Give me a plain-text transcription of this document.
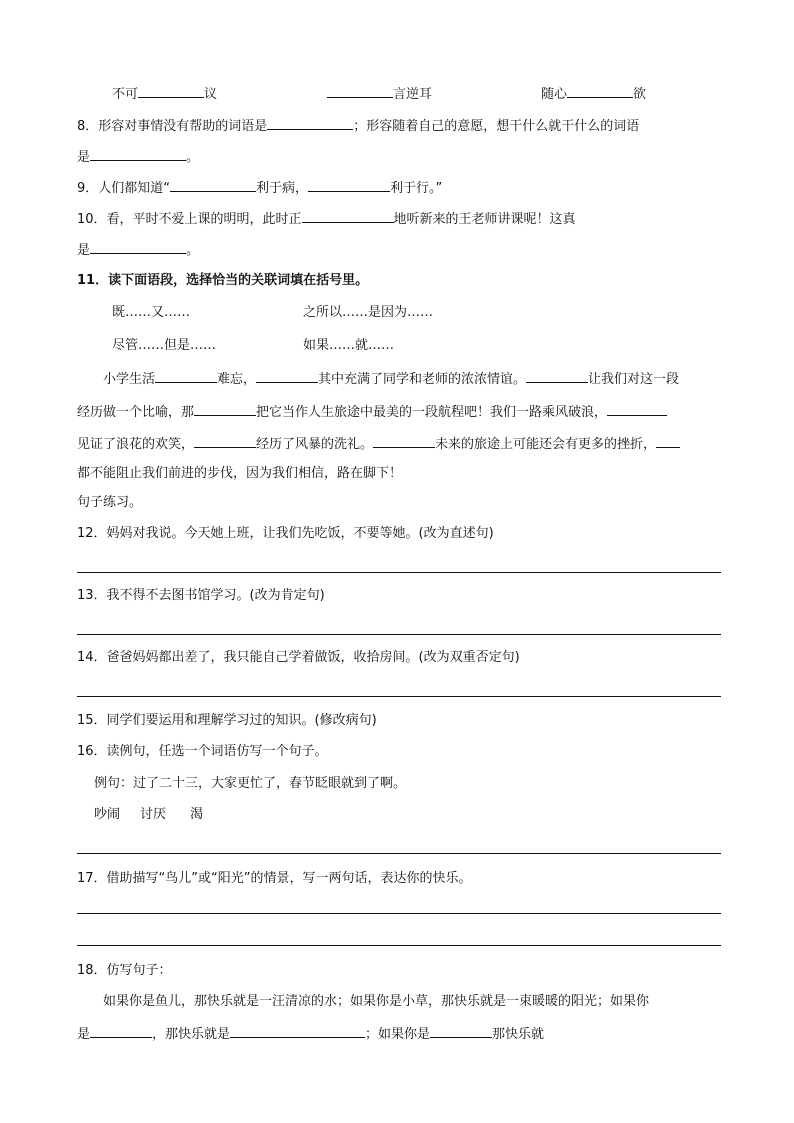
不可	议	言逆耳	随心	欲
8．形容对事情没有帮助的词语是	；形容随着自己的意愿，想干什么就干什么的词语
是	。
9．人们都知道“	利于病，	利于行。”
10．看，平时不爱上课的明明，此时正	地听新来的王老师讲课呢！这真
是	。
11．读下面语段，选择恰当的关联词填在括号里。
既……又……	之所以……是因为……
尽管……但是……	如果……就……
小学生活	难忘，	其中充满了同学和老师的浓浓情谊。	让我们对这一段
经历做一个比喻，那	把它当作人生旅途中最美的一段航程吧！我们一路乘风破浪，
见证了浪花的欢笑，	经历了风暴的洗礼。	未来的旅途上可能还会有更多的挫折，
都不能阻止我们前进的步伐，因为我们相信，路在脚下！
句子练习。
12．妈妈对我说。今天她上班，让我们先吃饭，不要等她。(改为直述句)
13．我不得不去图书馆学习。(改为肯定句)
14．爸爸妈妈都出差了，我只能自己学着做饭，收拾房间。(改为双重否定句)
15．同学们要运用和理解学习过的知识。(修改病句)
16．读例句，任选一个词语仿写一个句子。
例句：过了二十三，大家更忙了，春节眨眼就到了啊。
吵闹 讨厌 渴
17．借助描写“鸟儿”或“阳光”的情景，写一两句话，表达你的快乐。
18．仿写句子：
如果你是鱼儿，那快乐就是一汪清凉的水；如果你是小草，那快乐就是一束暖暖的阳光；如果你
是	，那快乐就是	；如果你是	那快乐就
